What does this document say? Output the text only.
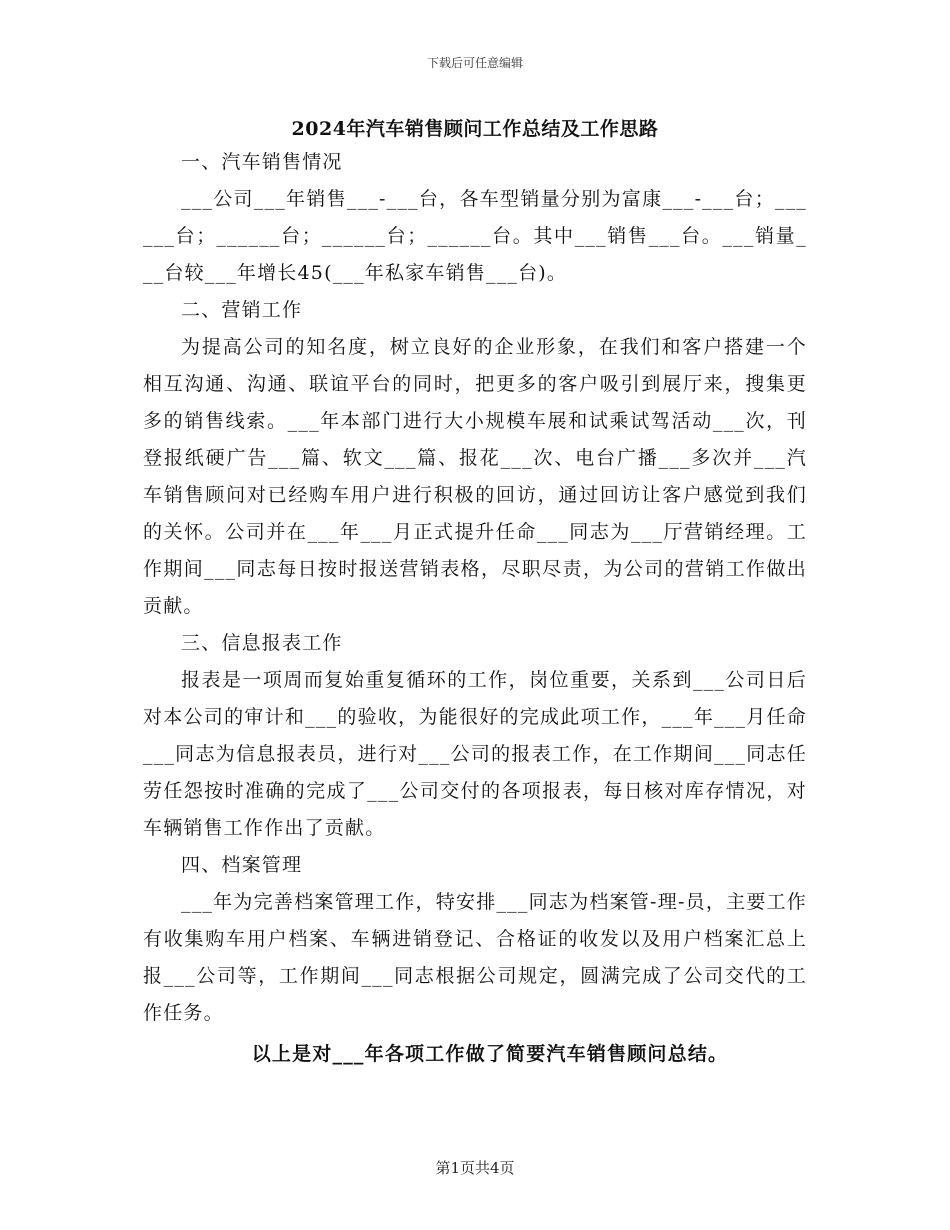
下载后可任意编辑
2024年汽车销售顾问工作总结及工作思路

一、汽车销售情况

___公司___年销售___-___台，各车型销量分别为富康___-___台；______台；______台；______台；______台。其中___销售___台。___销量___台较___年增长45(___年私家车销售___台)。

二、营销工作

为提高公司的知名度，树立良好的企业形象，在我们和客户搭建一个相互沟通、沟通、联谊平台的同时，把更多的客户吸引到展厅来，搜集更多的销售线索。___年本部门进行大小规模车展和试乘试驾活动___次，刊登报纸硬广告___篇、软文___篇、报花___次、电台广播___多次并___汽车销售顾问对已经购车用户进行积极的回访，通过回访让客户感觉到我们的关怀。公司并在___年___月正式提升任命___同志为___厅营销经理。工作期间___同志每日按时报送营销表格，尽职尽责，为公司的营销工作做出贡献。

三、信息报表工作

报表是一项周而复始重复循环的工作，岗位重要，关系到___公司日后对本公司的审计和___的验收，为能很好的完成此项工作，___年___月任命___同志为信息报表员，进行对___公司的报表工作，在工作期间___同志任劳任怨按时准确的完成了___公司交付的各项报表，每日核对库存情况，对车辆销售工作作出了贡献。

四、档案管理

___年为完善档案管理工作，特安排___同志为档案管-理-员，主要工作有收集购车用户档案、车辆进销登记、合格证的收发以及用户档案汇总上报___公司等，工作期间___同志根据公司规定，圆满完成了公司交代的工作任务。

以上是对___年各项工作做了简要汽车销售顾问总结。

第1页共4页
